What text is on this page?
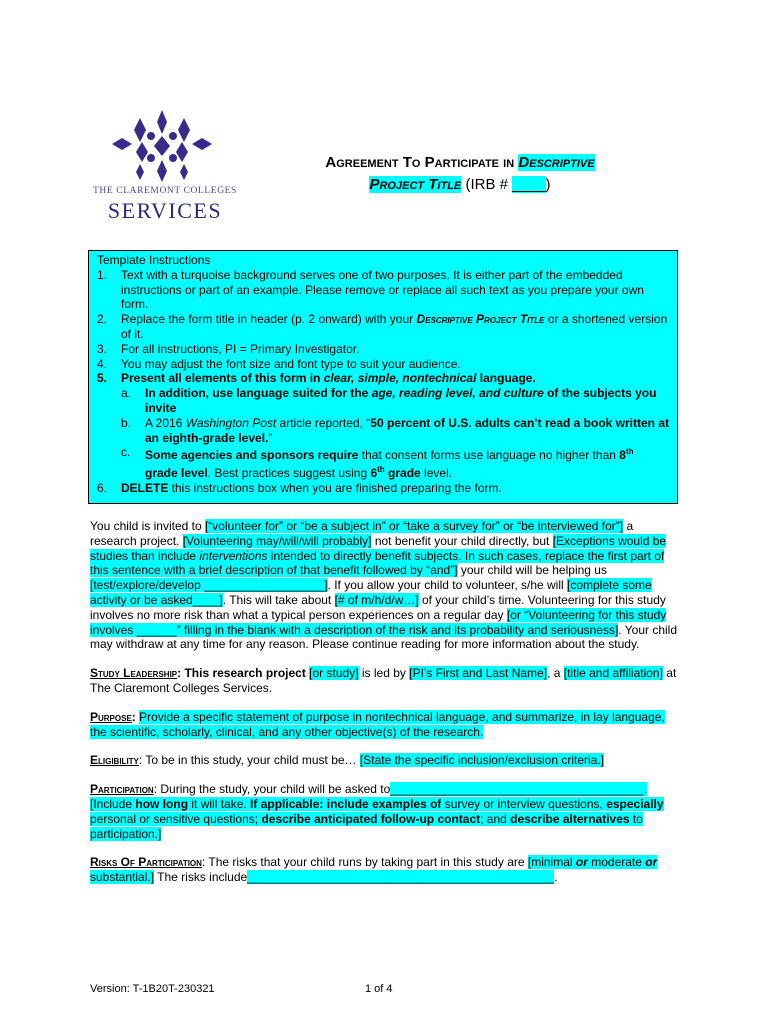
THE CLAREMONT COLLEGES
SERVICES
Agreement To Participate in Descriptive
Project Title (IRB # ____)
Template Instructions
1. Text with a turquoise background serves one of two purposes. It is either part of the embedded instructions or part of an example. Please remove or replace all such text as you prepare your own form.
2. Replace the form title in header (p. 2 onward) with your Descriptive Project Title or a shortened version of it.
3. For all instructions, PI = Primary Investigator.
4. You may adjust the font size and font type to suit your audience.
5. Present all elements of this form in clear, simple, nontechnical language.
a. In addition, use language suited for the age, reading level, and culture of the subjects you invite
b. A 2016 Washington Post article reported, “50 percent of U.S. adults can’t read a book written at an eighth-grade level.”
c. Some agencies and sponsors require that consent forms use language no higher than 8th grade level. Best practices suggest using 6th grade level.
6. DELETE this instructions box when you are finished preparing the form.

You child is invited to [“volunteer for” or “be a subject in” or “take a survey for” or “be interviewed for”] a research project. [Volunteering may/will/will probably] not benefit your child directly, but [Exceptions would be studies than include interventions intended to directly benefit subjects. In such cases, replace the first part of this sentence with a brief description of that benefit followed by “and”] your child will be helping us [test/explore/develop __________________]. If you allow your child to volunteer, s/he will [complete some activity or be asked____]. This will take about [# of m/h/d/w…] of your child’s time. Volunteering for this study involves no more risk than what a typical person experiences on a regular day [or “Volunteering for this study involves ______” filling in the blank with a description of the risk and its probability and seriousness]. Your child may withdraw at any time for any reason. Please continue reading for more information about the study.

Study Leadership: This research project [or study] is led by [PI’s First and Last Name], a [title and affiliation] at The Claremont Colleges Services.

Purpose: Provide a specific statement of purpose in nontechnical language, and summarize, in lay language, the scientific, scholarly, clinical, and any other objective(s) of the research.

Eligibility: To be in this study, your child must be… [State the specific inclusion/exclusion criteria.]

Participation: During the study, your child will be asked to______________________________________. [Include how long it will take. If applicable: include examples of survey or interview questions, especially personal or sensitive questions; describe anticipated follow-up contact; and describe alternatives to participation.]

Risks Of Participation: The risks that your child runs by taking part in this study are [minimal or moderate or substantial.] The risks include______________________________________________.

Version: T-1B20T-230321	1 of 4
